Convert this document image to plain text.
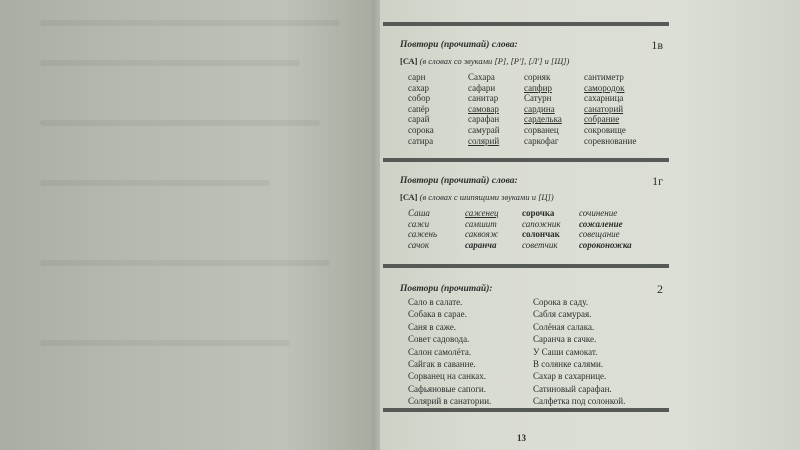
Повтори (прочитай) слова:	1в
[СА] (в словах со звуками [Р], [Р'], [Л'] и [Щ])
сарн	Сахара	сорняк	сантиметр
сахар	сафари	сапфир	самородок
собор	санитар	Сатурн	сахарница
сапёр	самовар	сардина	санаторий
сарай	сарафан	сарделька	собрание
сорока	самурай	сорванец	сокровище
сатира	солярий	саркофаг	соревнование
Повтори (прочитай) слова:	1г
[СА] (в словах с шипящими звуками и [Ц])
Саша	саженец	сорочка	сочинение
сажи	самшит	сапожник	сожаление
сажень	саквояж	солончак	совещание
сачок	саранча	советчик	сороконожка
Повтори (прочитай):	2
Сало в салате.
Собака в сарае.
Саня в саже.
Совет садовода.
Салон самолёта.
Сайгак в саванне.
Сорванец на санках.
Сафьяновые сапоги.
Солярий в санатории.
Сорока в саду.
Сабля самурая.
Солёная салака.
Саранча в сачке.
У Саши самокат.
В солянке салями.
Сахар в сахарнице.
Сатиновый сарафан.
Салфетка под солонкой.
13
